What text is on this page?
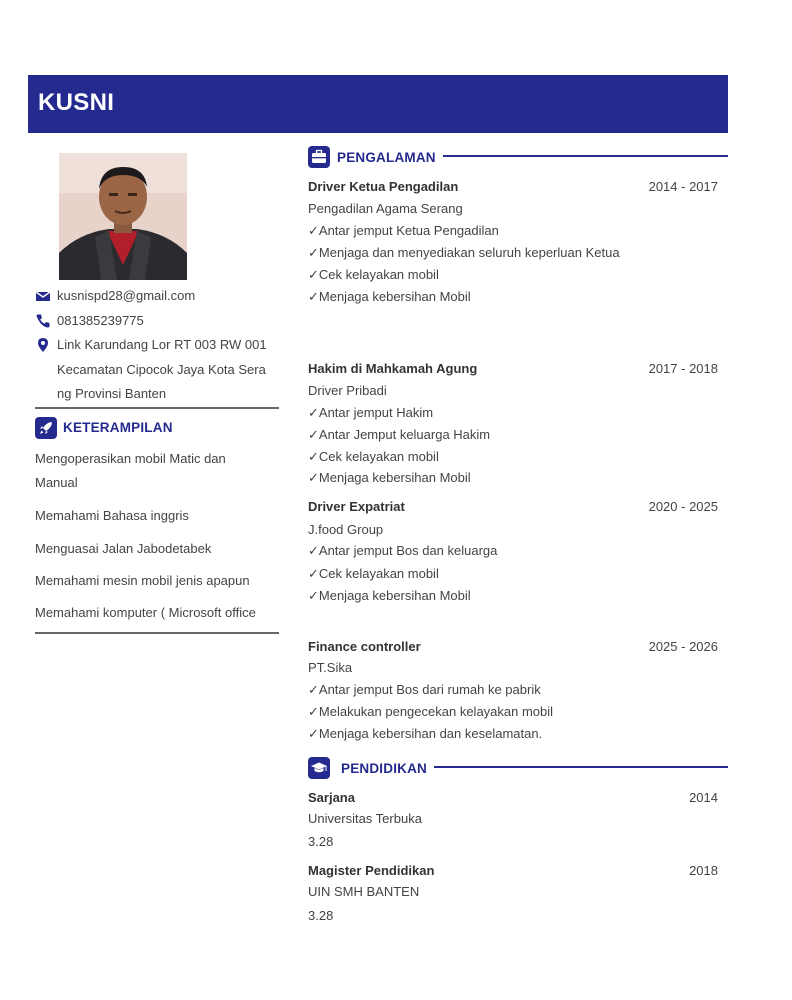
KUSNI
kusnispd28@gmail.com
081385239775
Link Karundang Lor RT 003 RW 001
Kecamatan Cipocok Jaya Kota Sera
ng Provinsi Banten
KETERAMPILAN
Mengoperasikan mobil Matic dan
Manual
Memahami Bahasa inggris
Menguasai Jalan Jabodetabek
Memahami mesin mobil jenis apapun
Memahami komputer ( Microsoft office
PENGALAMAN
Driver Ketua Pengadilan	2014 - 2017
Pengadilan Agama Serang
✓Antar jemput Ketua Pengadilan
✓Menjaga dan menyediakan seluruh keperluan Ketua
✓Cek kelayakan mobil
✓Menjaga kebersihan Mobil
Hakim di Mahkamah Agung	2017 - 2018
Driver Pribadi
✓Antar jemput Hakim
✓Antar Jemput keluarga Hakim
✓Cek kelayakan mobil
✓Menjaga kebersihan Mobil
Driver Expatriat	2020 - 2025
J.food Group
✓Antar jemput Bos dan keluarga
✓Cek kelayakan mobil
✓Menjaga kebersihan Mobil
Finance controller	2025 - 2026
PT.Sika
✓Antar jemput Bos dari rumah ke pabrik
✓Melakukan pengecekan kelayakan mobil
✓Menjaga kebersihan dan keselamatan.
PENDIDIKAN
Sarjana	2014
Universitas Terbuka
3.28
Magister Pendidikan	2018
UIN SMH BANTEN
3.28
